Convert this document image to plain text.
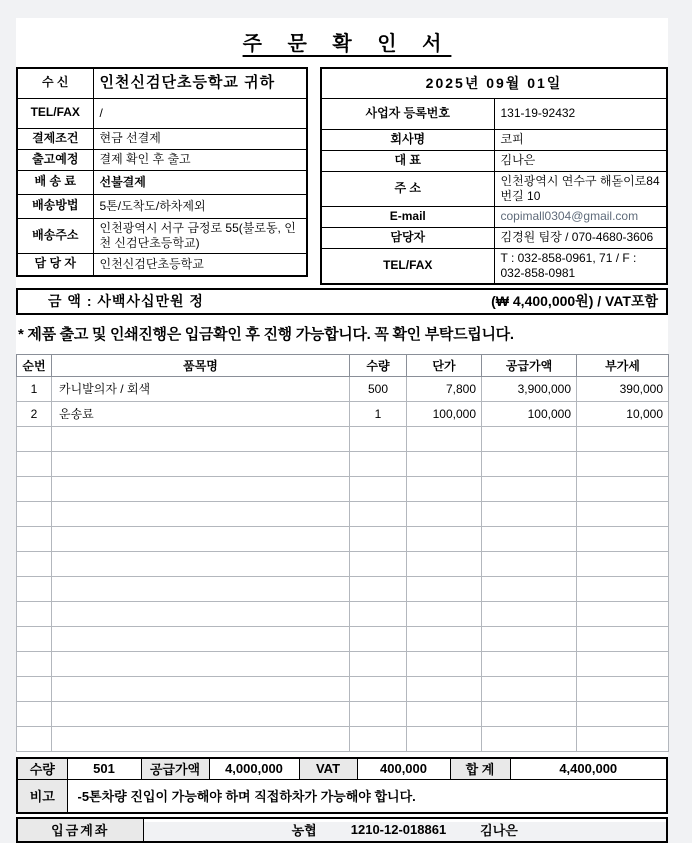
주 문 확 인 서
수 신	인천신검단초등학교 귀하
TEL/FAX	/
결제조건	현금 선결제
출고예정	결제 확인 후 출고
배 송 료	선불결제
배송방법	5톤/도착도/하차제외
배송주소	인천광역시 서구 금정로 55(불로동, 인천 신검단초등학교)
담 당 자	인천신검단초등학교
2025년 09월 01일	
사업자 등록번호	131-19-92432
회사명	코피
대 표	김나은
주 소	인천광역시 연수구 해돋이로84번길 10
E-mail	copimall0304@gmail.com
담당자	김경원 팀장 / 070-4680-3606
TEL/FAX	T : 032-858-0961, 71 / F : 032-858-0981
금 액 : 사백사십만원 정	(₩ 4,400,000원) / VAT포함
* 제품 출고 및 인쇄진행은 입금확인 후 진행 가능합니다. 꼭 확인 부탁드립니다.
순번	품목명	수량	단가	공급가액	부가세
1	카니발의자 / 회색	500	7,800	3,900,000	390,000
2	운송료	1	100,000	100,000	10,000

수량	501	공급가액	4,000,000	VAT	400,000	합 계	4,400,000
비고	-5톤차량 진입이 가능해야 하며 직접하차가 가능해야 합니다.						
입금계좌	농협	1210-12-018861	김나은
